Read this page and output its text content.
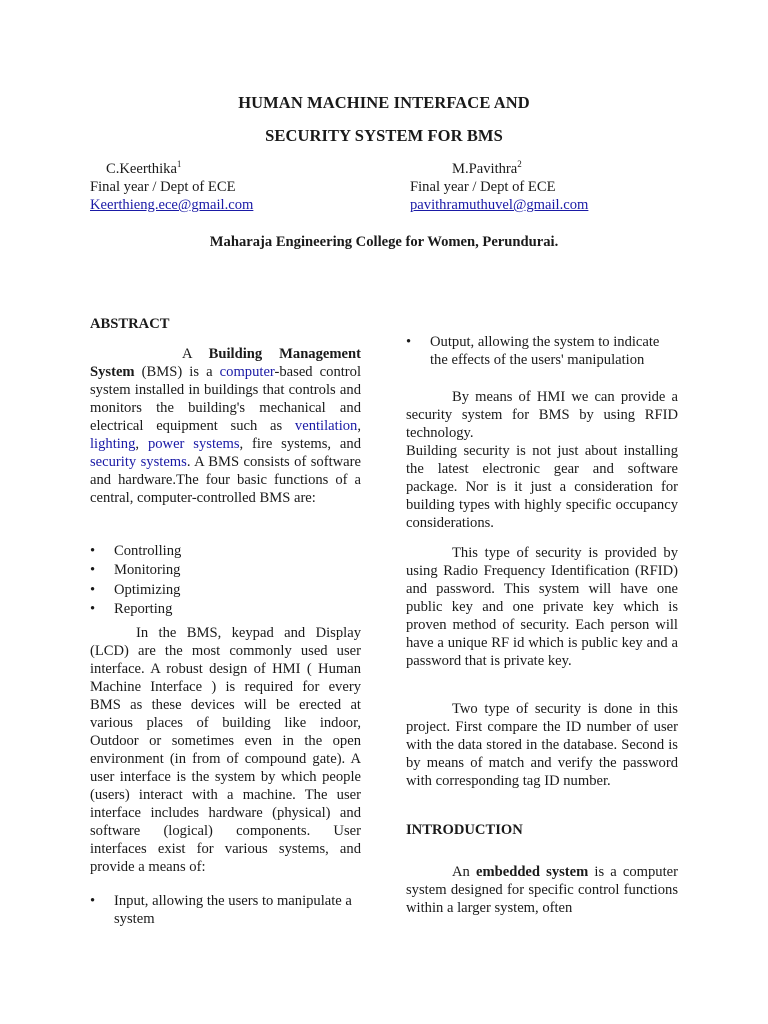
HUMAN MACHINE INTERFACE AND
SECURITY SYSTEM FOR BMS
C.Keerthika$^1$
Final year / Dept of ECE
Keerthieng.ece@gmail.com
M.Pavithra$^2$
Final year / Dept of ECE
pavithramuthuvel@gmail.com
Maharaja Engineering College for Women, Perundurai.
ABSTRACT
A Building Management System (BMS) is a computer-based control system installed in buildings that controls and monitors the building's mechanical and electrical equipment such as ventilation, lighting, power systems, fire systems, and security systems. A BMS consists of software and hardware.The four basic functions of a central, computer-controlled BMS are:
• Controlling
• Monitoring
• Optimizing
• Reporting
In the BMS, keypad and Display (LCD) are the most commonly used user interface. A robust design of HMI ( Human Machine Interface ) is required for every BMS as these devices will be erected at various places of building like indoor, Outdoor or sometimes even in the open environment (in from of compound gate). A user interface is the system by which people (users) interact with a machine. The user interface includes hardware (physical) and software (logical) components. User interfaces exist for various systems, and provide a means of:
• Input, allowing the users to manipulate a system
• Output, allowing the system to indicate the effects of the users' manipulation
By means of HMI we can provide a security system for BMS by using RFID technology.
Building security is not just about installing the latest electronic gear and software package. Nor is it just a consideration for building types with highly specific occupancy considerations.
This type of security is provided by using Radio Frequency Identification (RFID) and password. This system will have one public key and one private key which is proven method of security. Each person will have a unique RF id which is public key and a password that is private key.
Two type of security is done in this project. First compare the ID number of user with the data stored in the database. Second is by means of match and verify the password with corresponding tag ID number.
INTRODUCTION
An embedded system is a computer system designed for specific control functions within a larger system, often
